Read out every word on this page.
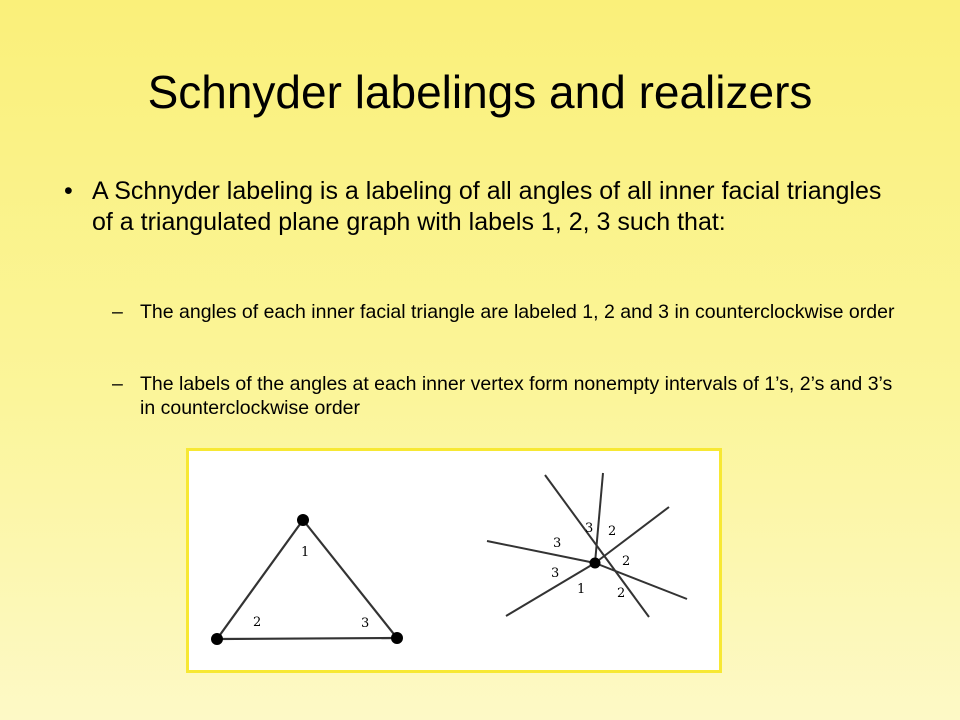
Schnyder labelings and realizers
• A Schnyder labeling is a labeling of all angles of all inner facial triangles of a triangulated plane graph with labels 1, 2, 3 such that:
– The angles of each inner facial triangle are labeled 1, 2 and 3 in counterclockwise order
– The labels of the angles at each inner vertex form nonempty intervals of 1’s, 2’s and 3’s in counterclockwise order
1
2	3
3
3 2
2
3
1 2
